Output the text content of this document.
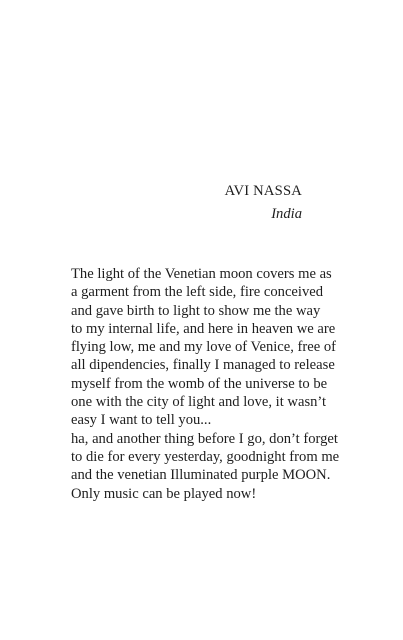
AVI NASSA
India
The light of the Venetian moon covers me as
a garment from the left side, fire conceived
and gave birth to light to show me the way
to my internal life, and here in heaven we are
flying low, me and my love of Venice, free of
all dipendencies, finally I managed to release
myself from the womb of the universe to be
one with the city of light and love, it wasn’t
easy I want to tell you...
ha, and another thing before I go, don’t forget
to die for every yesterday, goodnight from me
and the venetian Illuminated purple MOON.
Only music can be played now!
